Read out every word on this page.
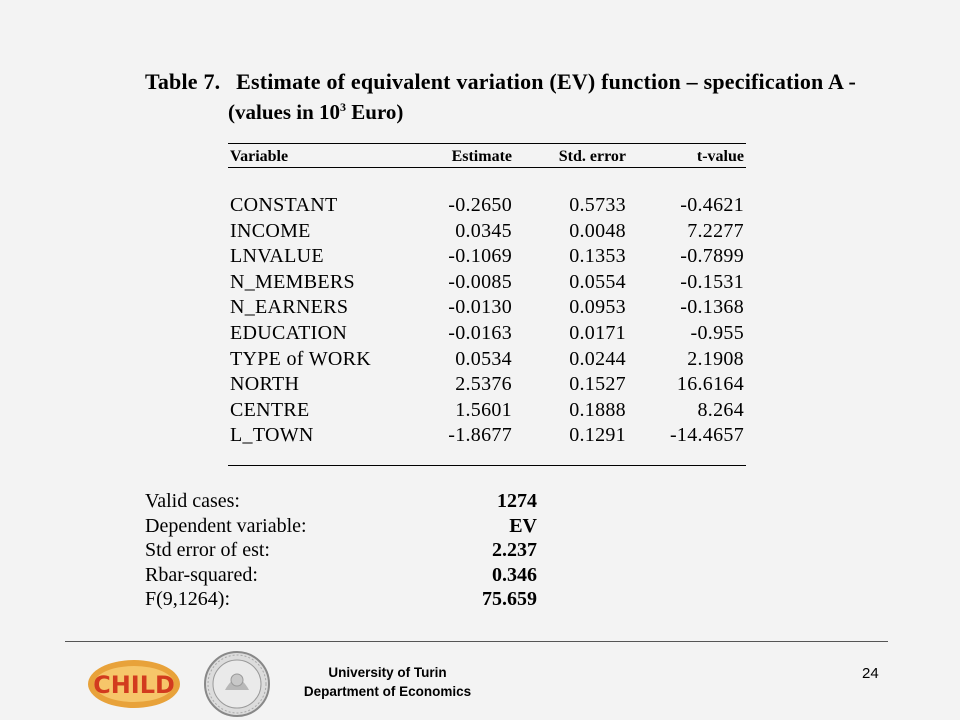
Table 7. Estimate of equivalent variation (EV) function – specification A -
(values in $10^3$ Euro)
Variable	Estimate	Std. error	t-value
CONSTANT	-0.2650	0.5733	-0.4621
INCOME	0.0345	0.0048	7.2277
LNVALUE	-0.1069	0.1353	-0.7899
N_MEMBERS	-0.0085	0.0554	-0.1531
N_EARNERS	-0.0130	0.0953	-0.1368
EDUCATION	-0.0163	0.0171	-0.955
TYPE of WORK	0.0534	0.0244	2.1908
NORTH	2.5376	0.1527	16.6164
CENTRE	1.5601	0.1888	8.264
L_TOWN	-1.8677	0.1291 -14.4657
Valid cases:	1274
Dependent variable:	EV
Std error of est:	2.237
Rbar-squared:	0.346
F(9,1264):	75.659
CHILD	University of Turin
Department of Economics
24
